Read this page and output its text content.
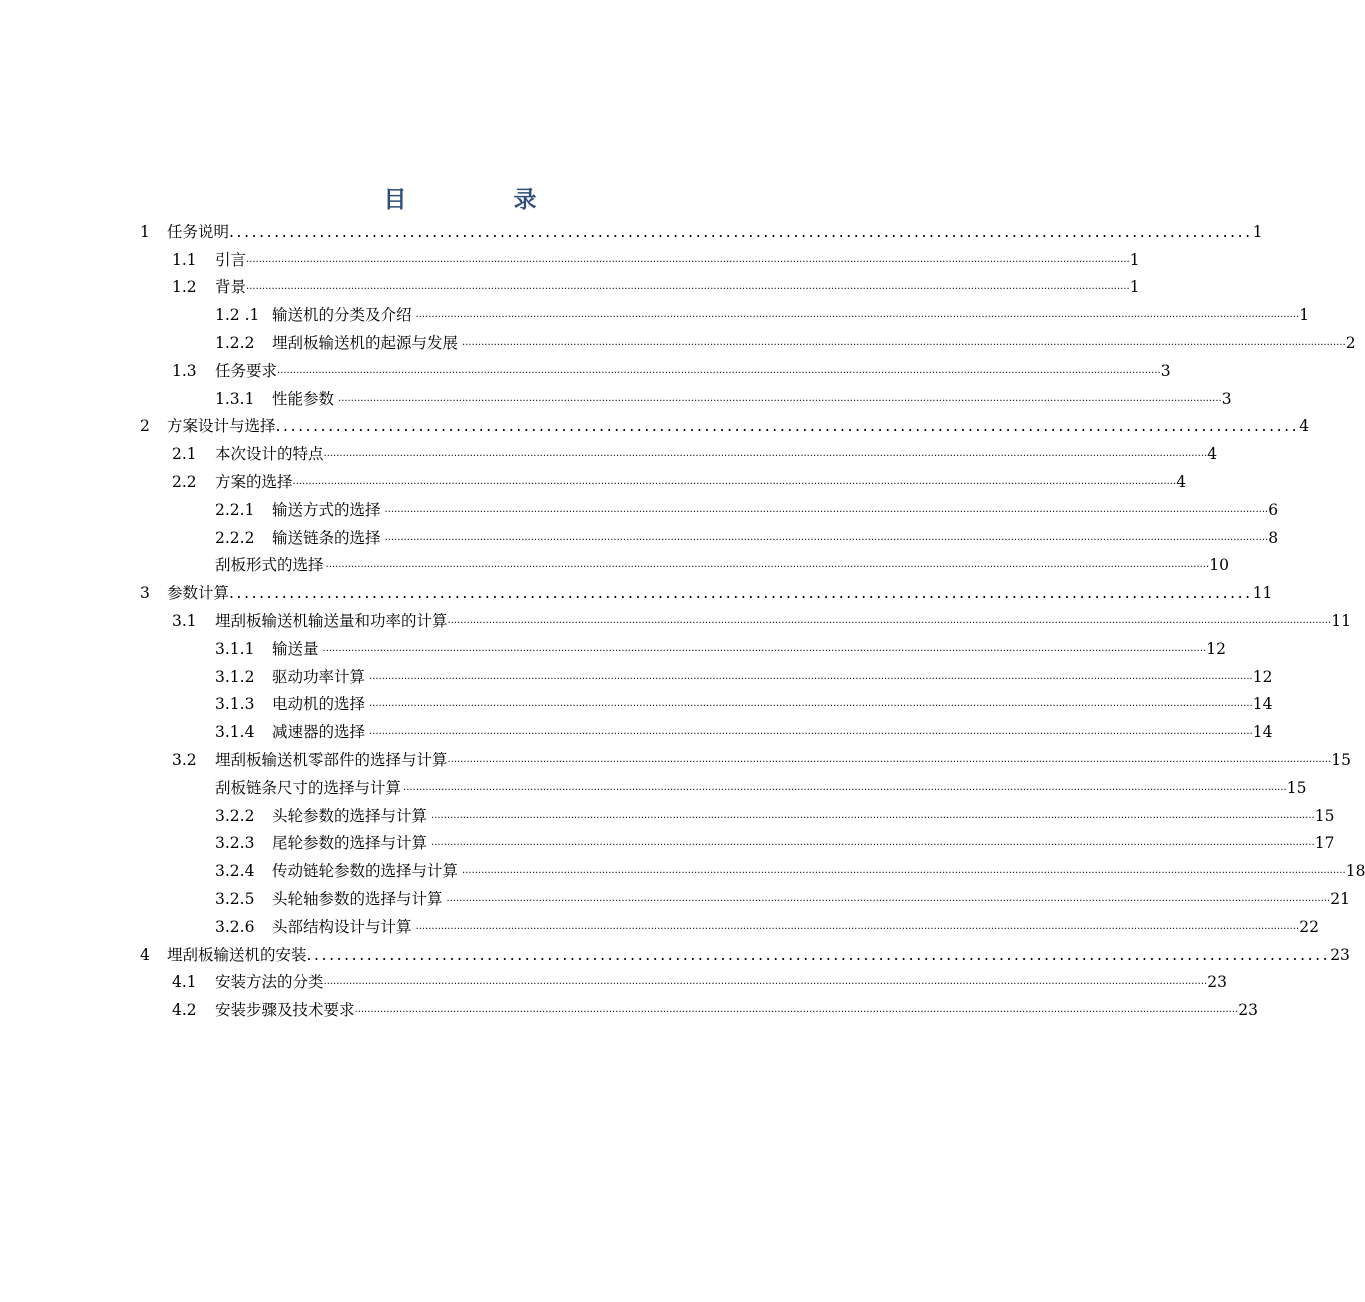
目　录
1 任务说明 ........................................................................................................................................ 1
1.1 引言 ...................................................................................................................................................................................................................................................................................... 1
1.2 背景 ...................................................................................................................................................................................................................................................................................... 1
1.2 .1 输送机的分类及介绍 ...................................................................................................................................................................................................................................................................................... 1
1.2.2 埋刮板输送机的起源与发展 ...................................................................................................................................................................................................................................................................................... 2
1.3 任务要求 ...................................................................................................................................................................................................................................................................................... 3
1.3.1 性能参数 ...................................................................................................................................................................................................................................................................................... 3
2 方案设计与选择 ........................................................................................................................................ 4
2.1 本次设计的特点 ...................................................................................................................................................................................................................................................................................... 4
2.2 方案的选择 ...................................................................................................................................................................................................................................................................................... 4
2.2.1 输送方式的选择 ...................................................................................................................................................................................................................................................................................... 6
2.2.2 输送链条的选择 ...................................................................................................................................................................................................................................................................................... 8
刮板形式的选择 ...................................................................................................................................................................................................................................................................................... 10
3 参数计算 ........................................................................................................................................ 11
3.1 埋刮板输送机输送量和功率的计算 ...................................................................................................................................................................................................................................................................................... 11
3.1.1 输送量 ...................................................................................................................................................................................................................................................................................... 12
3.1.2 驱动功率计算 ...................................................................................................................................................................................................................................................................................... 12
3.1.3 电动机的选择 ...................................................................................................................................................................................................................................................................................... 14
3.1.4 减速器的选择 ...................................................................................................................................................................................................................................................................................... 14
3.2 埋刮板输送机零部件的选择与计算 ...................................................................................................................................................................................................................................................................................... 15
刮板链条尺寸的选择与计算 ...................................................................................................................................................................................................................................................................................... 15
3.2.2 头轮参数的选择与计算 ...................................................................................................................................................................................................................................................................................... 15
3.2.3 尾轮参数的选择与计算 ...................................................................................................................................................................................................................................................................................... 17
3.2.4 传动链轮参数的选择与计算 ...................................................................................................................................................................................................................................................................................... 18
3.2.5 头轮轴参数的选择与计算 ...................................................................................................................................................................................................................................................................................... 21
3.2.6 头部结构设计与计算 ...................................................................................................................................................................................................................................................................................... 22
4 埋刮板输送机的安装 ........................................................................................................................................ 23
4.1 安装方法的分类 ...................................................................................................................................................................................................................................................................................... 23
4.2 安装步骤及技术要求 ...................................................................................................................................................................................................................................................................................... 23
